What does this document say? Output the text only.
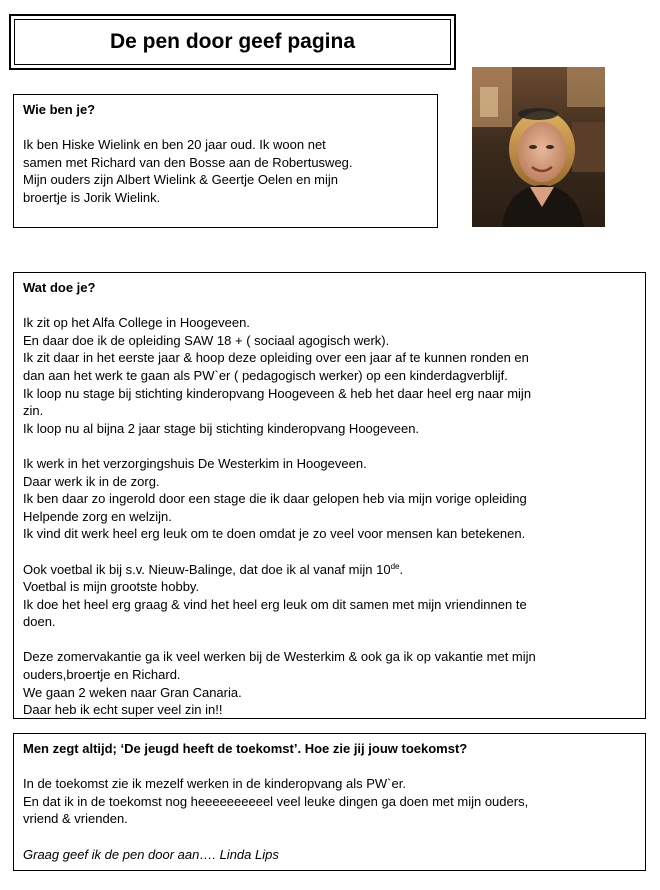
De pen door geef pagina

Wie ben je?

Ik ben Hiske Wielink en ben 20 jaar oud. Ik woon net

samen met Richard van den Bosse aan de Robertusweg.

Mijn ouders zijn Albert Wielink & Geertje Oelen en mijn

broertje is Jorik Wielink.

Wat doe je?

Ik zit op het Alfa College in Hoogeveen.

En daar doe ik de opleiding SAW 18 + ( sociaal agogisch werk).

Ik zit daar in het eerste jaar & hoop deze opleiding over een jaar af te kunnen ronden en

dan aan het werk te gaan als PW`er ( pedagogisch werker) op een kinderdagverblijf.

Ik loop nu stage bij stichting kinderopvang Hoogeveen & heb het daar heel erg naar mijn

zin.

Ik loop nu al bijna 2 jaar stage bij stichting kinderopvang Hoogeveen.

Ik werk in het verzorgingshuis De Westerkim in Hoogeveen.

Daar werk ik in de zorg.

Ik ben daar zo ingerold door een stage die ik daar gelopen heb via mijn vorige opleiding

Helpende zorg en welzijn.

Ik vind dit werk heel erg leuk om te doen omdat je zo veel voor mensen kan betekenen.

Ook voetbal ik bij s.v. Nieuw-Balinge, dat doe ik al vanaf mijn 10de.

Voetbal is mijn grootste hobby.

Ik doe het heel erg graag & vind het heel erg leuk om dit samen met mijn vriendinnen te

doen.

Deze zomervakantie ga ik veel werken bij de Westerkim & ook ga ik op vakantie met mijn

ouders,broertje en Richard.

We gaan 2 weken naar Gran Canaria.

Daar heb ik echt super veel zin in!!

Men zegt altijd; ‘De jeugd heeft de toekomst’. Hoe zie jij jouw toekomst?

In de toekomst zie ik mezelf werken in de kinderopvang als PW`er.

En dat ik in de toekomst nog heeeeeeeeeel veel leuke dingen ga doen met mijn ouders,

vriend & vrienden.

Graag geef ik de pen door aan…. Linda Lips
